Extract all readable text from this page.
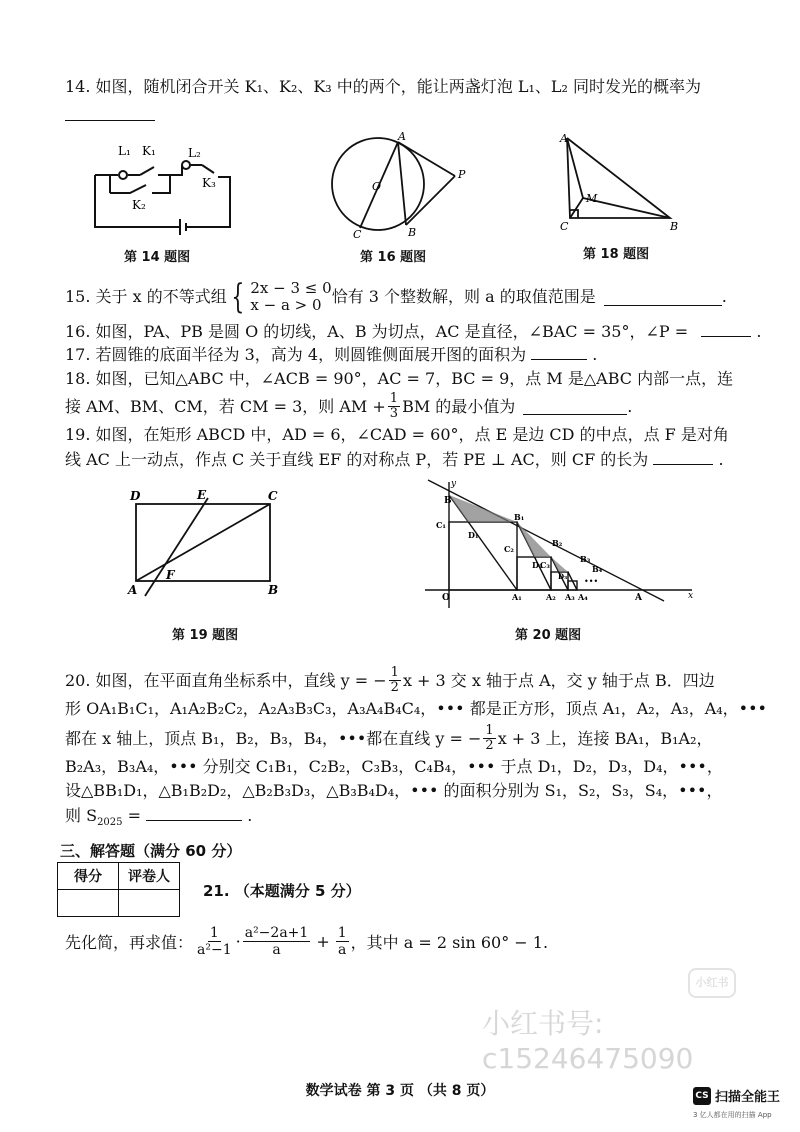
14. 如图，随机闭合开关 K₁、K₂、K₃ 中的两个，能让两盏灯泡 L₁、L₂ 同时发光的概率为
L₁ K₁	L₂
K₃
K₂
第 14 题图
A
O
P
B
C
第 16 题图
A
M
C	B
第 18 题图
15. 关于 x 的不等式组 { 2x − 3 ≤ 0
x − a > 0 恰有 3 个整数解，则 a 的取值范围是	.
16. 如图，PA、PB 是圆 O 的切线，A、B 为切点，AC 是直径，∠BAC = 35°，∠P =	.
17. 若圆锥的底面半径为 3，高为 4，则圆锥侧面展开图的面积为	.
18. 如图，已知△ABC 中，∠ACB = 90°，AC = 7，BC = 9，点 M 是△ABC 内部一点，连
接 AM、BM、CM，若 CM = 3，则 AM + $\frac{1}{3}$ BM 的最小值为	.
19. 如图，在矩形 ABCD 中，AD = 6，∠CAD = 60°，点 E 是边 CD 的中点，点 F 是对角
线 AC 上一动点，作点 C 关于直线 EF 的对称点 P，若 PE ⊥ AC，则 CF 的长为	.
D	E	C
F
A	B
第 19 题图
y
B
x
O	A
C₁
D₁
B₁
C₂
D₂
B₂
C₃
D₃
B₃
B₄
•••
A₁	A₂ A₃ A₄
第 20 题图
20. 如图，在平面直角坐标系中，直线 y = − $\frac{1}{2}$ x + 3 交 x 轴于点 A，交 y 轴于点 B．四边
形 OA₁B₁C₁，A₁A₂B₂C₂，A₂A₃B₃C₃，A₃A₄B₄C₄，••• 都是正方形，顶点 A₁，A₂，A₃，A₄，•••
都在 x 轴上，顶点 B₁，B₂，B₃，B₄，•••都在直线 y = − $\frac{1}{2}$ x + 3 上，连接 BA₁，B₁A₂，
B₂A₃，B₃A₄，••• 分别交 C₁B₁，C₂B₂，C₃B₃，C₄B₄，••• 于点 D₁，D₂，D₃，D₄，•••，
设△BB₁D₁，△B₁B₂D₂，△B₂B₃D₃，△B₃B₄D₄，••• 的面积分别为 S₁，S₂，S₃，S₄，•••，
则 $S_{2025}$ =	.
三、解答题（满分 60 分）
得分	评卷人

21. （本题满分 5 分）
先化简，再求值： $\frac{1}{\text{a²−1}} \cdot \frac{\text{a²−2a+1}}{a} + \frac{1}{a}$ ，其中 a = 2 sin 60° − 1.
小红书
小红书号: c15246475090
数学试卷 第 3 页 （共 8 页）	CS 扫描全能王
3 亿人都在用的扫描 App
